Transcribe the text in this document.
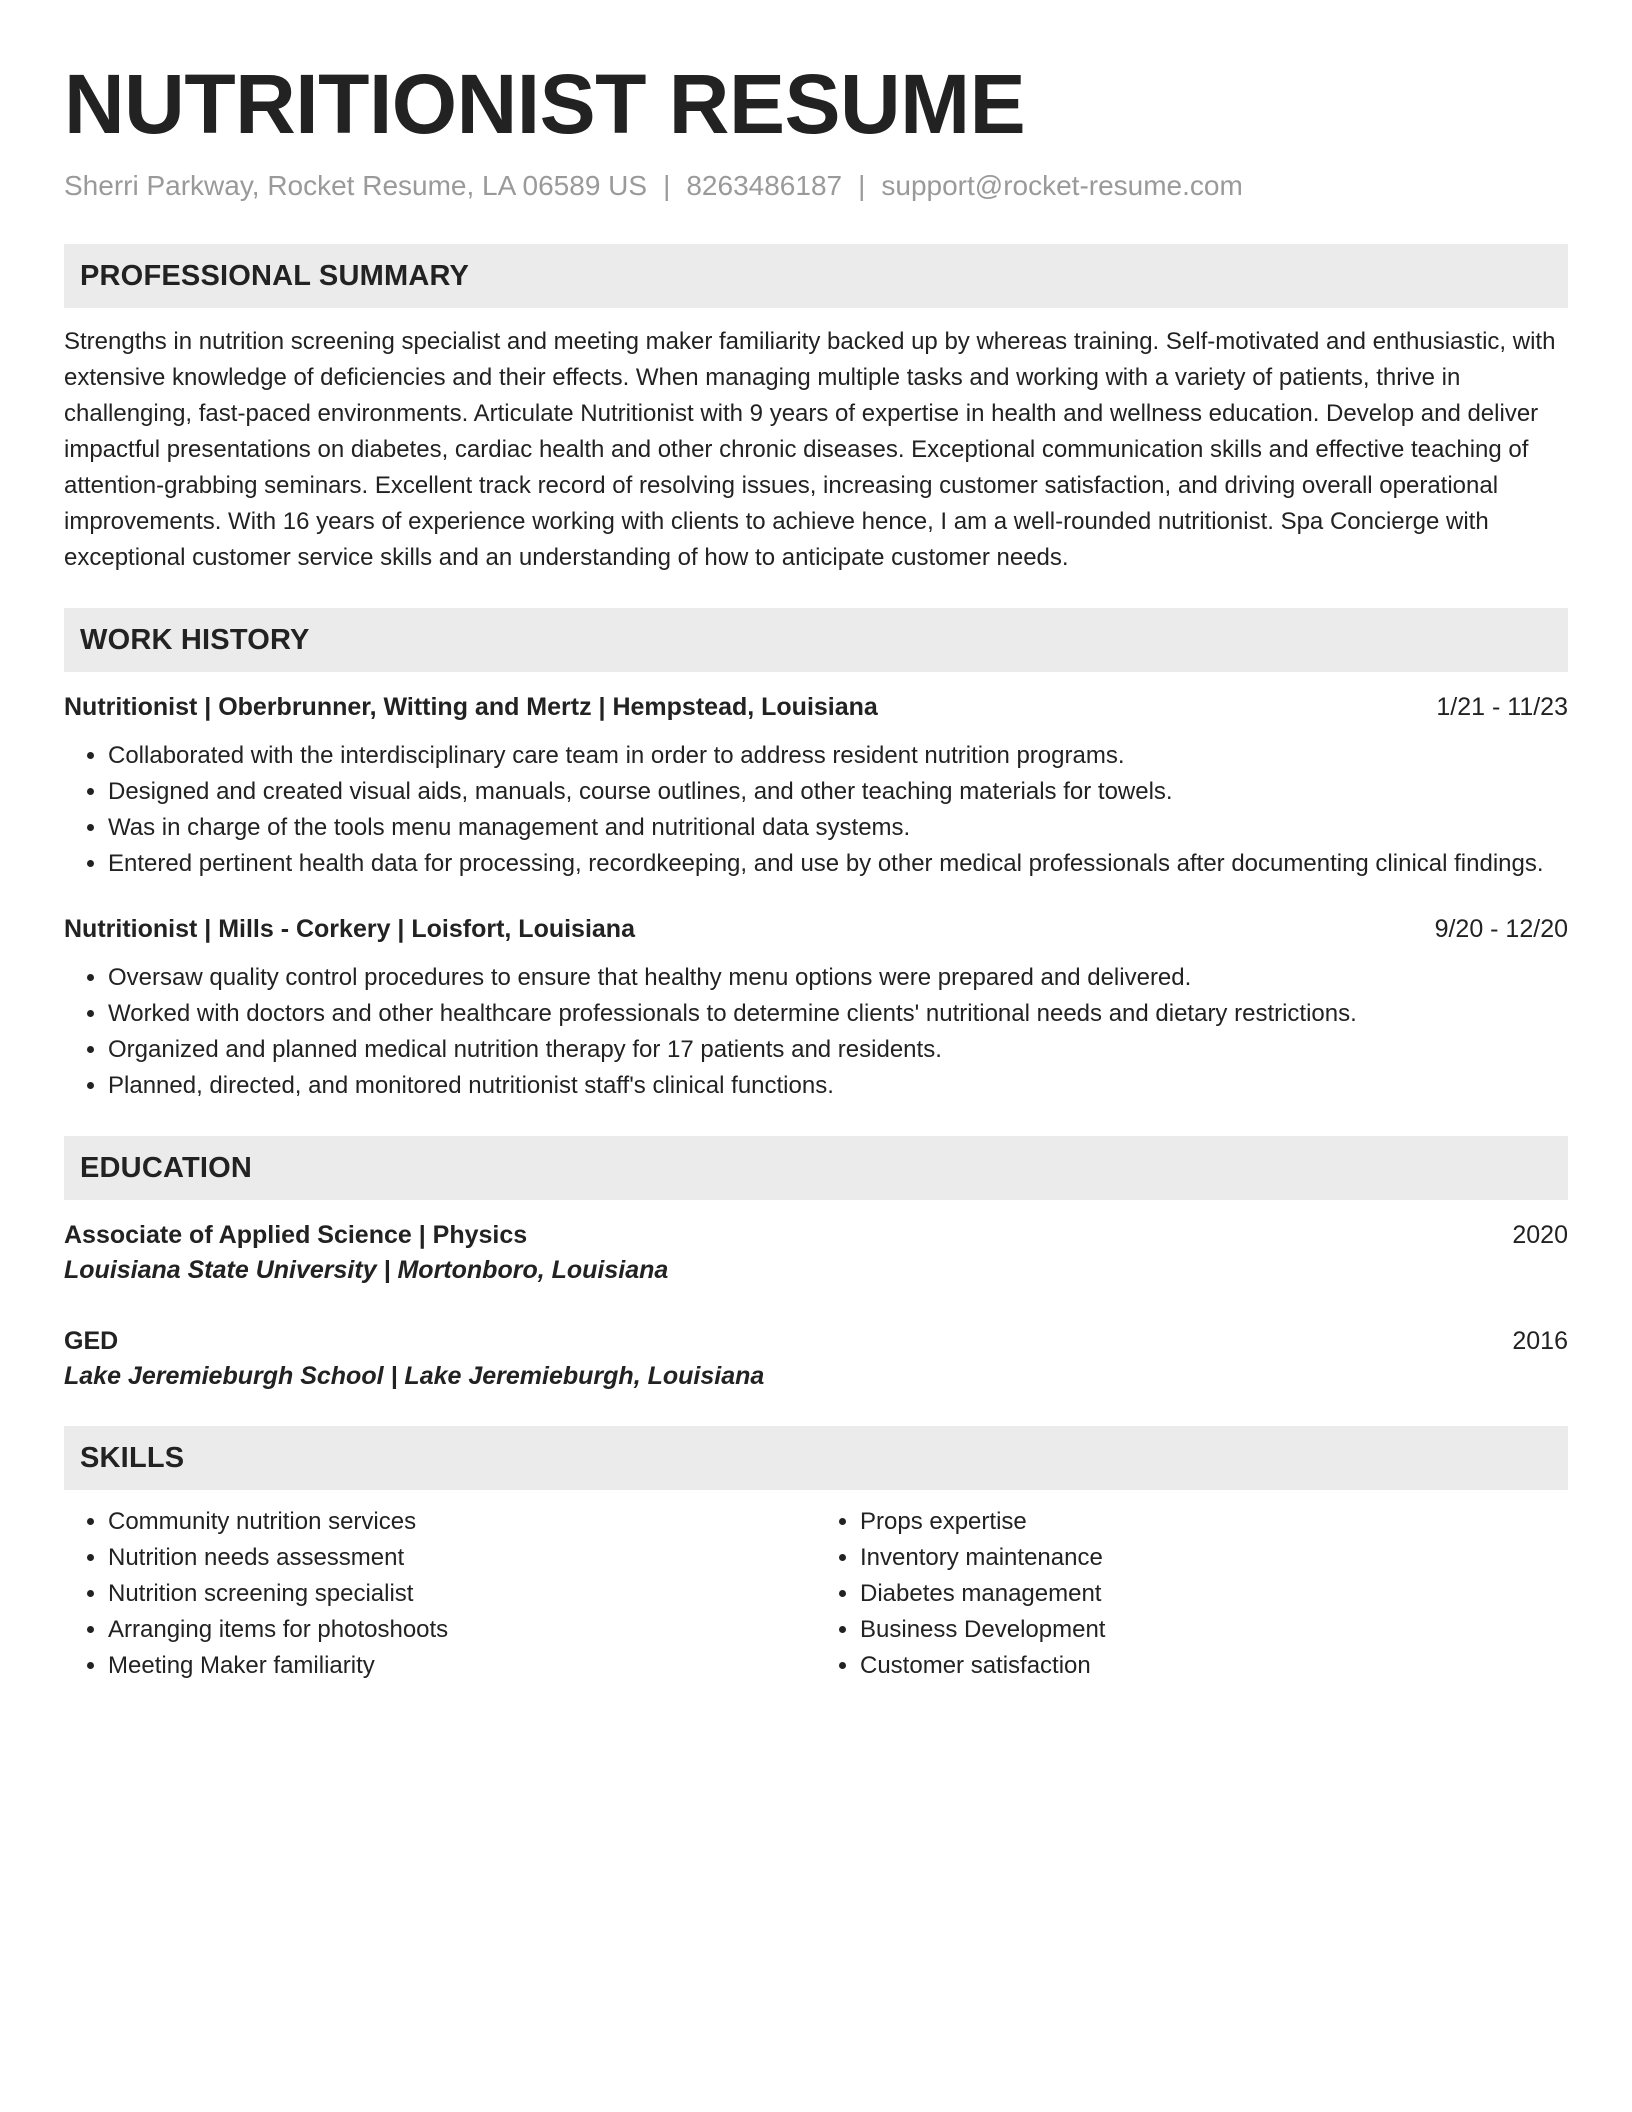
NUTRITIONIST RESUME
Sherri Parkway, Rocket Resume, LA 06589 US | 8263486187 | support@rocket-resume.com
PROFESSIONAL SUMMARY

Strengths in nutrition screening specialist and meeting maker familiarity backed up by whereas training. Self-motivated and enthusiastic, with extensive knowledge of deficiencies and their effects. When managing multiple tasks and working with a variety of patients, thrive in challenging, fast-paced environments. Articulate Nutritionist with 9 years of expertise in health and wellness education. Develop and deliver impactful presentations on diabetes, cardiac health and other chronic diseases. Exceptional communication skills and effective teaching of attention-grabbing seminars. Excellent track record of resolving issues, increasing customer satisfaction, and driving overall operational improvements. With 16 years of experience working with clients to achieve hence, I am a well-rounded nutritionist. Spa Concierge with exceptional customer service skills and an understanding of how to anticipate customer needs.

WORK HISTORY
Nutritionist | Oberbrunner, Witting and Mertz | Hempstead, Louisiana	1/21 - 11/23
• Collaborated with the interdisciplinary care team in order to address resident nutrition programs.
• Designed and created visual aids, manuals, course outlines, and other teaching materials for towels.
• Was in charge of the tools menu management and nutritional data systems.
• Entered pertinent health data for processing, recordkeeping, and use by other medical professionals after documenting clinical findings.
Nutritionist | Mills - Corkery | Loisfort, Louisiana	9/20 - 12/20
• Oversaw quality control procedures to ensure that healthy menu options were prepared and delivered.
• Worked with doctors and other healthcare professionals to determine clients' nutritional needs and dietary restrictions.
• Organized and planned medical nutrition therapy for 17 patients and residents.
• Planned, directed, and monitored nutritionist staff's clinical functions.
EDUCATION
Associate of Applied Science | Physics	2020
Louisiana State University | Mortonboro, Louisiana
GED	2016
Lake Jeremieburgh School | Lake Jeremieburgh, Louisiana
SKILLS
• Community nutrition services
• Nutrition needs assessment
• Nutrition screening specialist
• Arranging items for photoshoots
• Meeting Maker familiarity
• Props expertise
• Inventory maintenance
• Diabetes management
• Business Development
• Customer satisfaction
